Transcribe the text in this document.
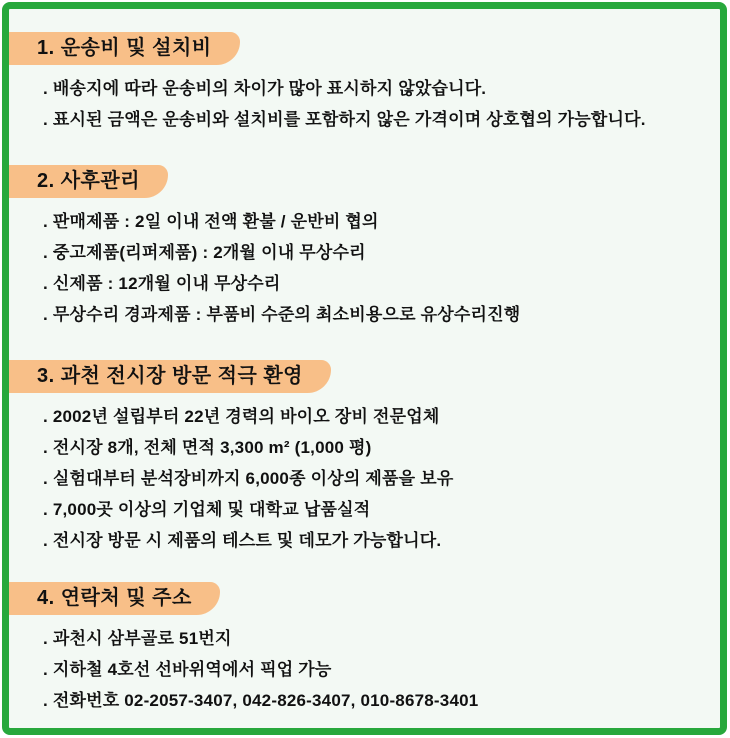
1. 운송비 및 설치비
. 배송지에 따라 운송비의 차이가 많아 표시하지 않았습니다.
. 표시된 금액은 운송비와 설치비를 포함하지 않은 가격이며 상호협의 가능합니다.
2. 사후관리
. 판매제품 : 2일 이내 전액 환불 / 운반비 협의
. 중고제품(리퍼제품) : 2개월 이내 무상수리
. 신제품 : 12개월 이내 무상수리
. 무상수리 경과제품 : 부품비 수준의 최소비용으로 유상수리진행
3. 과천 전시장 방문 적극 환영
. 2002년 설립부터 22년 경력의 바이오 장비 전문업체
. 전시장 8개, 전체 면적 3,300 m² (1,000 평)
. 실험대부터 분석장비까지 6,000종 이상의 제품을 보유
. 7,000곳 이상의 기업체 및 대학교 납품실적
. 전시장 방문 시 제품의 테스트 및 데모가 가능합니다.
4. 연락처 및 주소
. 과천시 삼부골로 51번지
. 지하철 4호선 선바위역에서 픽업 가능
. 전화번호 02-2057-3407, 042-826-3407, 010-8678-3401
